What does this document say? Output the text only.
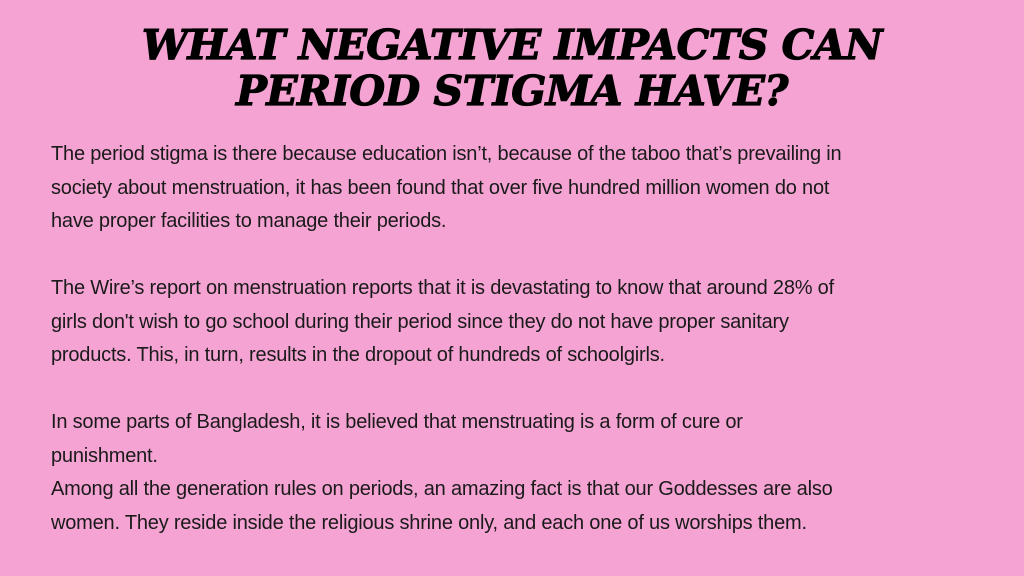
WHAT NEGATIVE IMPACTS CAN
PERIOD STIGMA HAVE?
The period stigma is there because education isn’t, because of the taboo that’s prevailing in
society about menstruation, it has been found that over five hundred million women do not
have proper facilities to manage their periods.
The Wire’s report on menstruation reports that it is devastating to know that around 28% of
girls don't wish to go school during their period since they do not have proper sanitary
products. This, in turn, results in the dropout of hundreds of schoolgirls.
In some parts of Bangladesh, it is believed that menstruating is a form of cure or
punishment.
Among all the generation rules on periods, an amazing fact is that our Goddesses are also
women. They reside inside the religious shrine only, and each one of us worships them.
